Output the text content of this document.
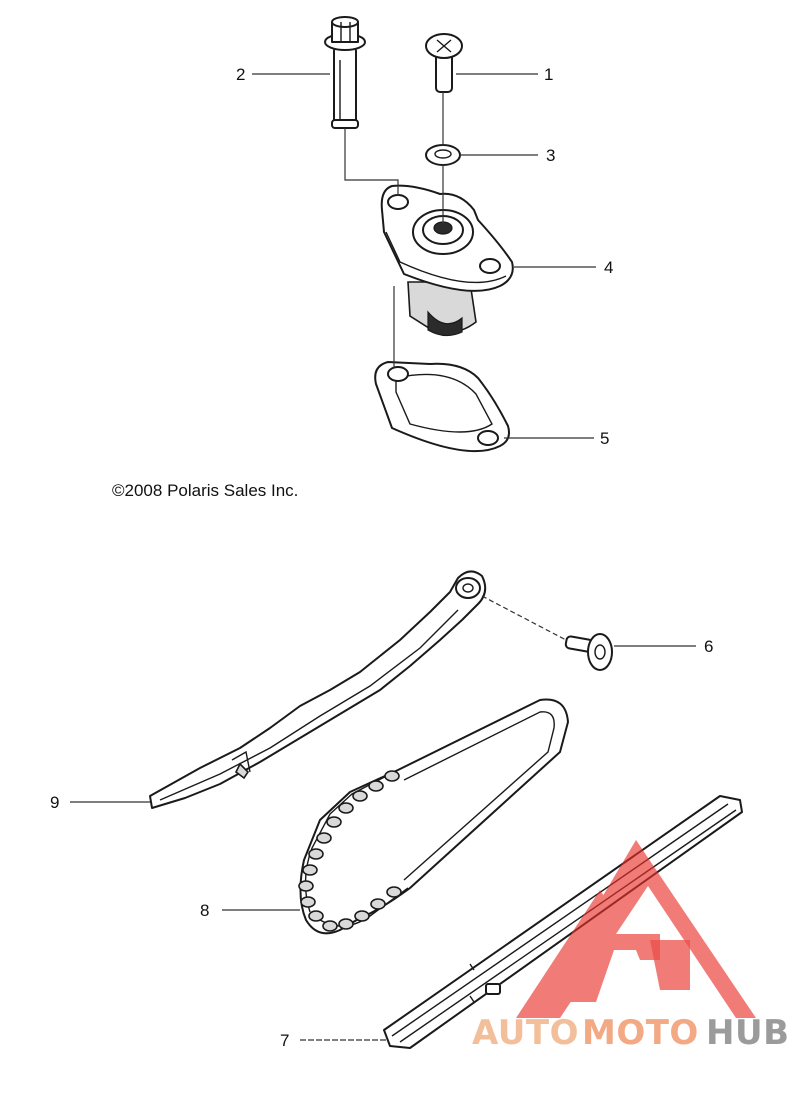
2	1
3
4
5
©2008 Polaris Sales Inc.
6
8
7
9
AUTO MOTO HUB
